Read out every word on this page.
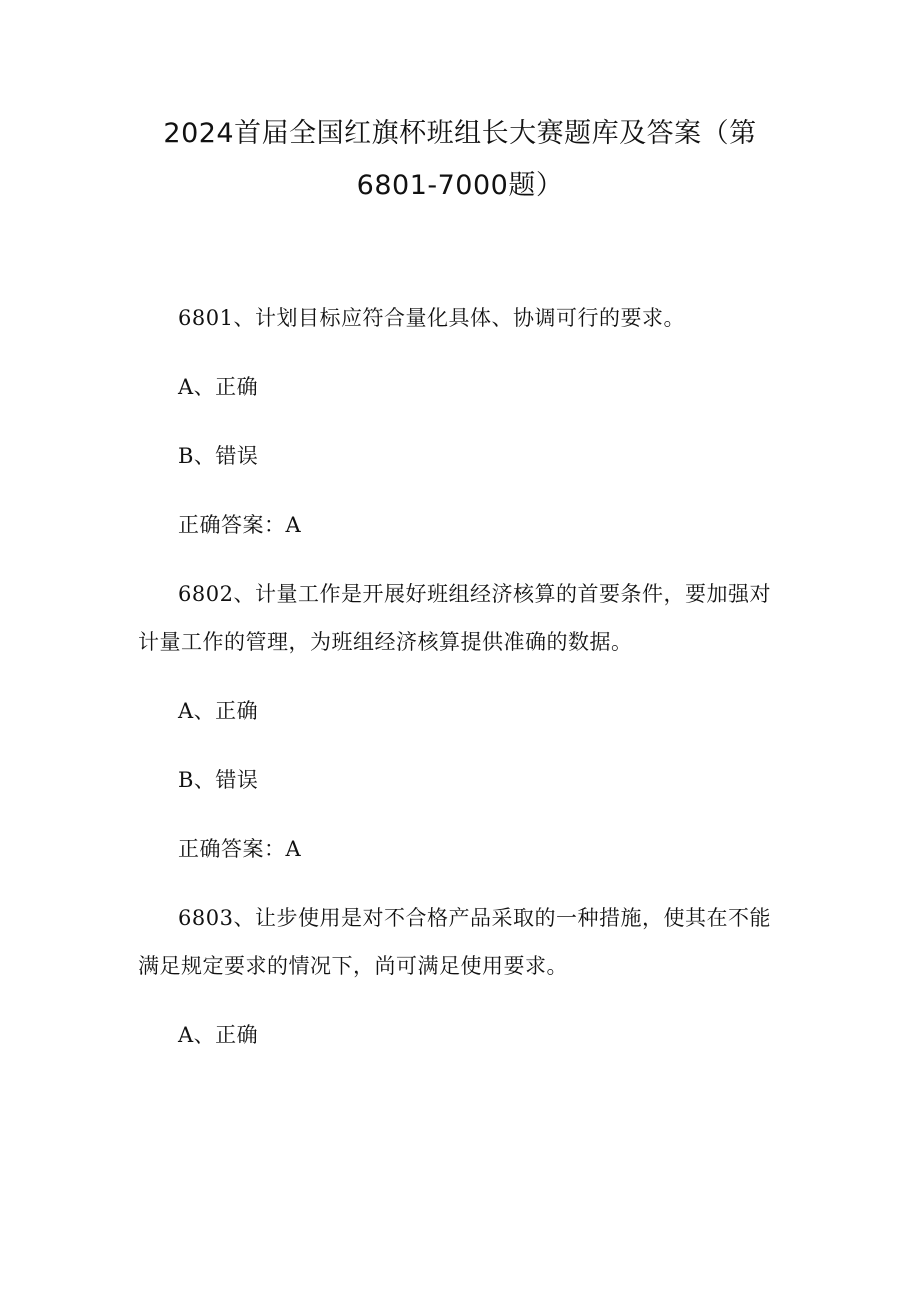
2024首届全国红旗杯班组长大赛题库及答案（第
6801-7000题）

6801、计划目标应符合量化具体、协调可行的要求。

A、正确

B、错误

正确答案：A

6802、计量工作是开展好班组经济核算的首要条件，要加强对

计量工作的管理，为班组经济核算提供准确的数据。

A、正确

B、错误

正确答案：A

6803、让步使用是对不合格产品采取的一种措施，使其在不能

满足规定要求的情况下，尚可满足使用要求。

A、正确
